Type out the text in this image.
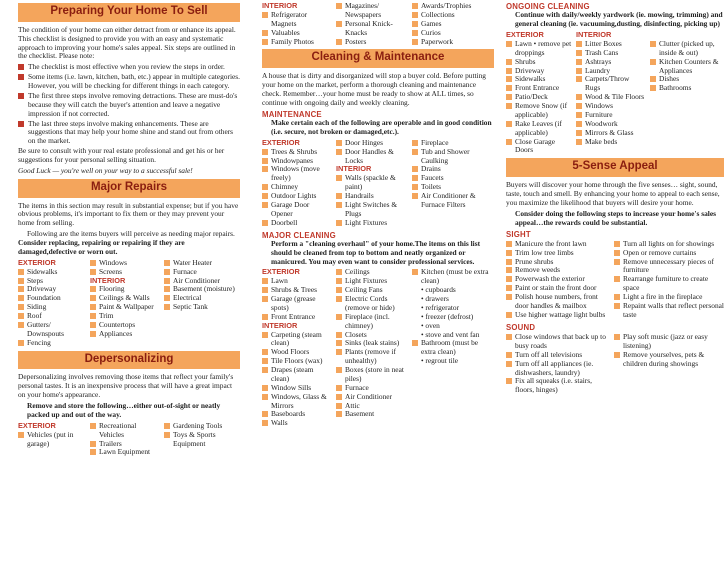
Preparing Your Home To Sell

The condition of your home can either detract from or enhance its appeal. This checklist is designed to provide you with an easy and systematic approach to improving your home's sales appeal. Six steps are outlined in the checklist. Please note:

The checklist is most effective when you review the steps in order.
Some items (i.e. lawn, kitchen, bath, etc.) appear in multiple categories. However, you will be checking for different things in each category.
The first three steps involve removing detractions. These are must-do's because they will catch the buyer's attention and leave a negative impression if not corrected.
The last three steps involve making enhancements. These are suggestions that may help your home shine and stand out from others on the market.

Be sure to consult with your real estate professional and get his or her suggestions for your personal selling situation.

Good Luck — you're well on your way to a successful sale!

Major Repairs

The items in this section may result in substantial expense; but if you have obvious problems, it's important to fix them or they may prevent your home from selling.

Following are the items buyers will perceive as needing major repairs. Consider replacing, repairing or repairing if they are damaged,defective or worn out.

EXTERIOR
Sidewalks
Steps
Driveway
Foundation
Siding
Roof
Gutters/ Downspouts
Fencing
Windows
Screens
INTERIOR
Flooring
Ceilings & Walls
Paint & Wallpaper
Trim
Countertops
Appliances
Water Heater
Furnace
Air Conditioner
Basement (moisture)
Electrical
Septic Tank
Depersonalizing

Depersonalizing involves removing those items that reflect your family's personal tastes. It is an inexpensive process that will have a great impact on your home's appearance.

Remove and store the following…either out-of-sight or neatly packed up and out of the way.

EXTERIOR
Vehicles (put in garage)
Recreational Vehicles
Trailers
Lawn Equipment
Gardening Tools
Toys & Sports Equipment
INTERIOR
Refrigerator Magnets
Valuables
Family Photos
Magazines/ Newspapers
Personal Knick-Knacks
Posters
Awards/Trophies
Collections
Games
Curios
Paperwork
Cleaning & Maintenance

A house that is dirty and disorganized will stop a buyer cold. Before putting your home on the market, perform a thorough cleaning and maintenance check. Remember…your home must be ready to show at ALL times, so continue with ongoing daily and weekly cleaning.

MAINTENANCE

Make certain each of the following are operable and in good condition (i.e. secure, not broken or damaged,etc.).

EXTERIOR
Trees & Shrubs
Windowpanes
Windows (move freely)
Chimney
Outdoor Lights
Garage Door Opener
Doorbell
Door Hinges
Door Handles & Locks
INTERIOR
Walls (spackle & paint)
Handrails
Light Switches & Plugs
Light Fixtures
Fireplace
Tub and Shower Caulking
Drains
Faucets
Toilets
Air Conditioner & Furnace Filters
MAJOR CLEANING

Perform a "cleaning overhaul" of your home.The items on this list should be cleaned from top to bottom and neatly organized or manicured. You may even want to consider professional services.

EXTERIOR
Lawn
Shrubs & Trees
Garage (grease spots)
Front Entrance
INTERIOR
Carpeting (steam clean)
Wood Floors
Tile Floors (wax)
Drapes (steam clean)
Window Sills
Windows, Glass & Mirrors
Baseboards
Walls
Ceilings
Light Fixtures
Ceiling Fans
Electric Cords (remove or hide)
Fireplace (incl. chimney)
Closets
Sinks (leak stains)
Plants (remove if unhealthy)
Boxes (store in neat piles)
Furnace
Air Conditioner
Attic
Basement
Kitchen (must be extra clean)
• cupboards
• drawers
• refrigerator
• freezer (defrost)
• oven
• stove and vent fan
Bathroom (must be extra clean)
• regrout tile
ONGOING CLEANING

Continue with daily/weekly yardwork (ie. mowing, trimming) and general cleaning (ie. vacuuming,dusting, disinfecting, picking up)

EXTERIOR
Lawn • remove pet droppings
Shrubs
Driveway
Sidewalks
Front Entrance
Patio/Deck
Remove Snow (if applicable)
Rake Leaves (if applicable)
Close Garage Doors
INTERIOR
Litter Boxes
Trash Cans
Ashtrays
Laundry
Carpets/Throw Rugs
Wood & Tile Floors
Windows
Furniture
Woodwork
Mirrors & Glass
Make beds
Clutter (picked up, inside & out)
Kitchen Counters & Appliances
Dishes
Bathrooms
5-Sense Appeal

Buyers will discover your home through the five senses… sight, sound, taste, touch and smell. By enhancing your home to appeal to each sense, you maximize the likelihood that buyers will desire your home.

Consider doing the following steps to increase your home's sales appeal…the rewards could be substantial.

SIGHT
Manicure the front lawn
Trim low tree limbs
Prune shrubs
Remove weeds
Powerwash the exterior
Paint or stain the front door
Polish house numbers, front door handles & mailbox
Use higher wattage light bulbs
Turn all lights on for showings
Open or remove curtains
Remove unnecessary pieces of furniture
Rearrange furniture to create space
Light a fire in the fireplace
Repaint walls that reflect personal taste
SOUND
Close windows that back up to busy roads
Turn off all televisions
Turn off all appliances (ie. dishwashers, laundry)
Fix all squeaks (i.e. stairs, floors, hinges)
Play soft music (jazz or easy listening)
Remove yourselves, pets & children during showings
